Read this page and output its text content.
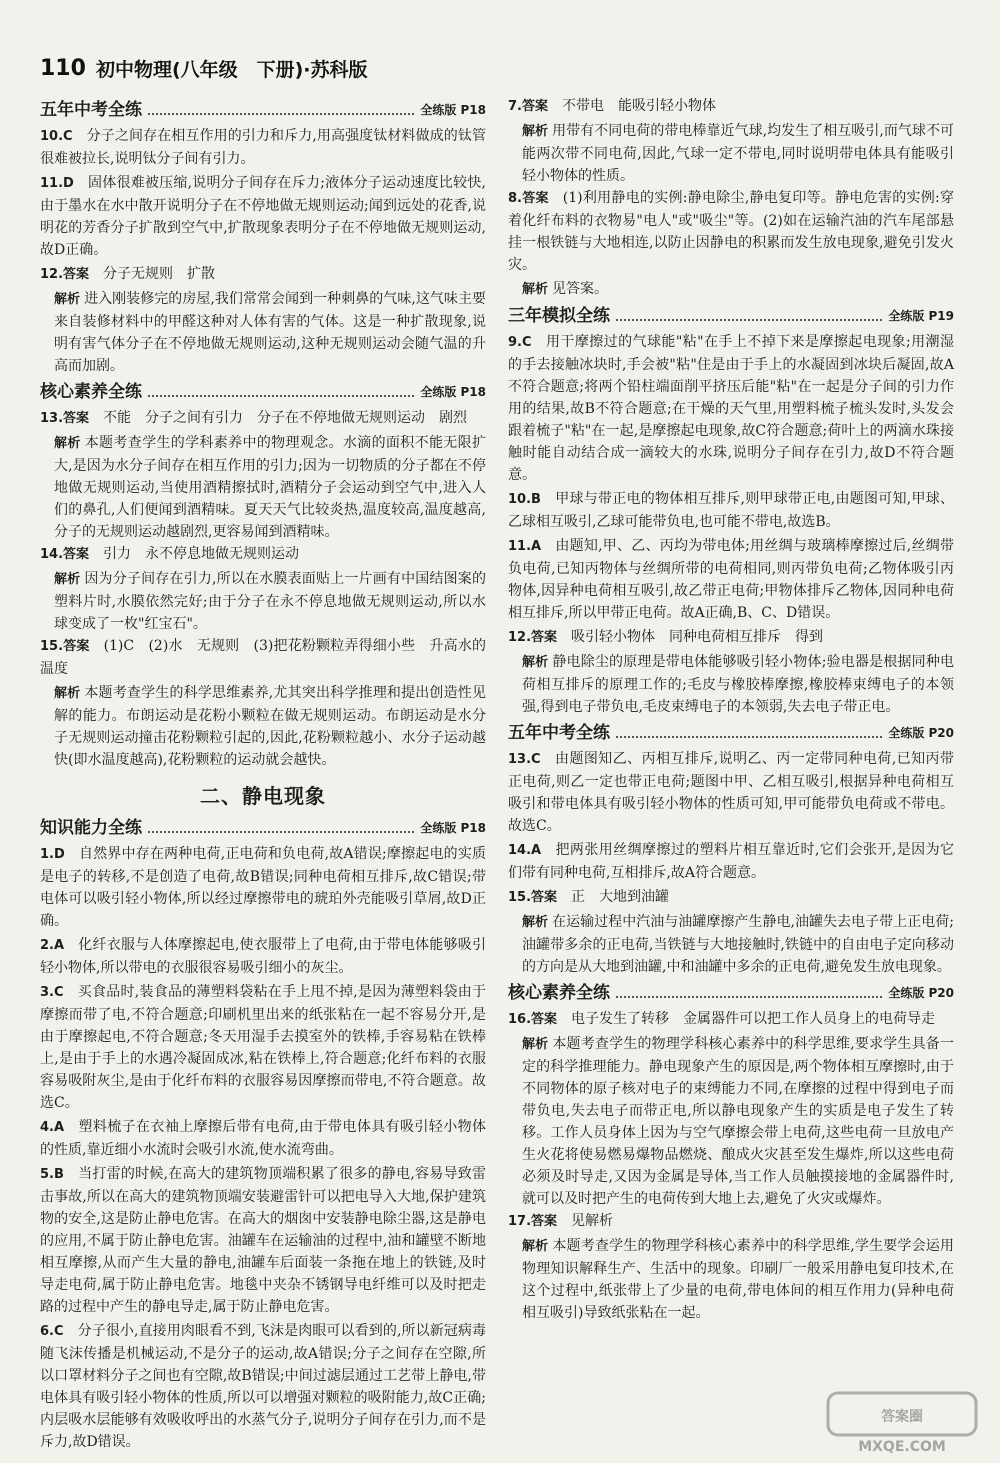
110 初中物理(八年级　下册)·苏科版
五年中考全练	全练版 P18
10.C  分子之间存在相互作用的引力和斥力,用高强度钛材料做成的钛管很难被拉长,说明钛分子间有引力。
11.D  固体很难被压缩,说明分子间存在斥力;液体分子运动速度比较快,由于墨水在水中散开说明分子在不停地做无规则运动;闻到远处的花香,说明花的芳香分子扩散到空气中,扩散现象表明分子在不停地做无规则运动,故D正确。
12.答案  分子无规则　扩散
解析 进入刚装修完的房屋,我们常常会闻到一种刺鼻的气味,这气味主要来自装修材料中的甲醛这种对人体有害的气体。这是一种扩散现象,说明有害气体分子在不停地做无规则运动,这种无规则运动会随气温的升高而加剧。
核心素养全练	全练版 P18
13.答案  不能　分子之间有引力　分子在不停地做无规则运动　剧烈
解析 本题考查学生的学科素养中的物理观念。水滴的面积不能无限扩大,是因为水分子间存在相互作用的引力;因为一切物质的分子都在不停地做无规则运动,当使用酒精擦拭时,酒精分子会运动到空气中,进入人们的鼻孔,人们便闻到酒精味。夏天天气比较炎热,温度较高,温度越高,分子的无规则运动越剧烈,更容易闻到酒精味。
14.答案  引力　永不停息地做无规则运动
解析 因为分子间存在引力,所以在水膜表面贴上一片画有中国结图案的塑料片时,水膜依然完好;由于分子在永不停息地做无规则运动,所以水球变成了一枚"红宝石"。
15.答案  (1)C　(2)水　无规则　(3)把花粉颗粒弄得细小些　升高水的温度
解析 本题考查学生的科学思维素养,尤其突出科学推理和提出创造性见解的能力。布朗运动是花粉小颗粒在做无规则运动。布朗运动是水分子无规则运动撞击花粉颗粒引起的,因此,花粉颗粒越小、水分子运动越快(即水温度越高),花粉颗粒的运动就会越快。
二、静电现象
知识能力全练	全练版 P18
1.D  自然界中存在两种电荷,正电荷和负电荷,故A错误;摩擦起电的实质是电子的转移,不是创造了电荷,故B错误;同种电荷相互排斥,故C错误;带电体可以吸引轻小物体,所以经过摩擦带电的琥珀外壳能吸引草屑,故D正确。
2.A  化纤衣服与人体摩擦起电,使衣服带上了电荷,由于带电体能够吸引轻小物体,所以带电的衣服很容易吸引细小的灰尘。
3.C  买食品时,装食品的薄塑料袋粘在手上甩不掉,是因为薄塑料袋由于摩擦而带了电,不符合题意;印刷机里出来的纸张粘在一起不容易分开,是由于摩擦起电,不符合题意;冬天用湿手去摸室外的铁棒,手容易粘在铁棒上,是由于手上的水遇冷凝固成冰,粘在铁棒上,符合题意;化纤布料的衣服容易吸附灰尘,是由于化纤布料的衣服容易因摩擦而带电,不符合题意。故选C。
4.A  塑料梳子在衣袖上摩擦后带有电荷,由于带电体具有吸引轻小物体的性质,靠近细小水流时会吸引水流,使水流弯曲。
5.B  当打雷的时候,在高大的建筑物顶端积累了很多的静电,容易导致雷击事故,所以在高大的建筑物顶端安装避雷针可以把电导入大地,保护建筑物的安全,这是防止静电危害。在高大的烟囱中安装静电除尘器,这是静电的应用,不属于防止静电危害。油罐车在运输油的过程中,油和罐壁不断地相互摩擦,从而产生大量的静电,油罐车后面装一条拖在地上的铁链,及时导走电荷,属于防止静电危害。地毯中夹杂不锈钢导电纤维可以及时把走路的过程中产生的静电导走,属于防止静电危害。
6.C  分子很小,直接用肉眼看不到,飞沫是肉眼可以看到的,所以新冠病毒随飞沫传播是机械运动,不是分子的运动,故A错误;分子之间存在空隙,所以口罩材料分子之间也有空隙,故B错误;中间过滤层通过工艺带上静电,带电体具有吸引轻小物体的性质,所以可以增强对颗粒的吸附能力,故C正确;内层吸水层能够有效吸收呼出的水蒸气分子,说明分子间存在引力,而不是斥力,故D错误。
7.答案  不带电　能吸引轻小物体
解析 用带有不同电荷的带电棒靠近气球,均发生了相互吸引,而气球不可能两次带不同电荷,因此,气球一定不带电,同时说明带电体具有能吸引轻小物体的性质。
8.答案  (1)利用静电的实例:静电除尘,静电复印等。静电危害的实例:穿着化纤布料的衣物易"电人"或"吸尘"等。(2)如在运输汽油的汽车尾部悬挂一根铁链与大地相连,以防止因静电的积累而发生放电现象,避免引发火灾。
解析 见答案。
三年模拟全练	全练版 P19
9.C  用干摩擦过的气球能"粘"在手上不掉下来是摩擦起电现象;用潮湿的手去接触冰块时,手会被"粘"住是由于手上的水凝固到冰块后凝固,故A不符合题意;将两个铅柱端面削平挤压后能"粘"在一起是分子间的引力作用的结果,故B不符合题意;在干燥的天气里,用塑料梳子梳头发时,头发会跟着梳子"粘"在一起,是摩擦起电现象,故C符合题意;荷叶上的两滴水珠接触时能自动结合成一滴较大的水珠,说明分子间存在引力,故D不符合题意。
10.B  甲球与带正电的物体相互排斥,则甲球带正电,由题图可知,甲球、乙球相互吸引,乙球可能带负电,也可能不带电,故选B。
11.A  由题知,甲、乙、丙均为带电体;用丝绸与玻璃棒摩擦过后,丝绸带负电荷,已知丙物体与丝绸所带的电荷相同,则丙带负电荷;乙物体吸引丙物体,因异种电荷相互吸引,故乙带正电荷;甲物体排斥乙物体,因同种电荷相互排斥,所以甲带正电荷。故A正确,B、C、D错误。
12.答案  吸引轻小物体　同种电荷相互排斥　得到
解析 静电除尘的原理是带电体能够吸引轻小物体;验电器是根据同种电荷相互排斥的原理工作的;毛皮与橡胶棒摩擦,橡胶棒束缚电子的本领强,得到电子带负电,毛皮束缚电子的本领弱,失去电子带正电。
五年中考全练	全练版 P20
13.C  由题图知乙、丙相互排斥,说明乙、丙一定带同种电荷,已知丙带正电荷,则乙一定也带正电荷;题图中甲、乙相互吸引,根据异种电荷相互吸引和带电体具有吸引轻小物体的性质可知,甲可能带负电荷或不带电。故选C。
14.A  把两张用丝绸摩擦过的塑料片相互靠近时,它们会张开,是因为它们带有同种电荷,互相排斥,故A符合题意。
15.答案  正　大地到油罐
解析 在运输过程中汽油与油罐摩擦产生静电,油罐失去电子带上正电荷;油罐带多余的正电荷,当铁链与大地接触时,铁链中的自由电子定向移动的方向是从大地到油罐,中和油罐中多余的正电荷,避免发生放电现象。
核心素养全练	全练版 P20
16.答案  电子发生了转移　金属器件可以把工作人员身上的电荷导走
解析 本题考查学生的物理学科核心素养中的科学思维,要求学生具备一定的科学推理能力。静电现象产生的原因是,两个物体相互摩擦时,由于不同物体的原子核对电子的束缚能力不同,在摩擦的过程中得到电子而带负电,失去电子而带正电,所以静电现象产生的实质是电子发生了转移。工作人员身体上因为与空气摩擦会带上电荷,这些电荷一旦放电产生火花将使易燃易爆物品燃烧、酿成火灾甚至发生爆炸,所以这些电荷必须及时导走,又因为金属是导体,当工作人员触摸接地的金属器件时,就可以及时把产生的电荷传到大地上去,避免了火灾或爆炸。
17.答案  见解析
解析 本题考查学生的物理学科核心素养中的科学思维,学生要学会运用物理知识解释生产、生活中的现象。印刷厂一般采用静电复印技术,在这个过程中,纸张带上了少量的电荷,带电体间的相互作用力(异种电荷相互吸引)导致纸张粘在一起。
答案圈
MXQE.COM
